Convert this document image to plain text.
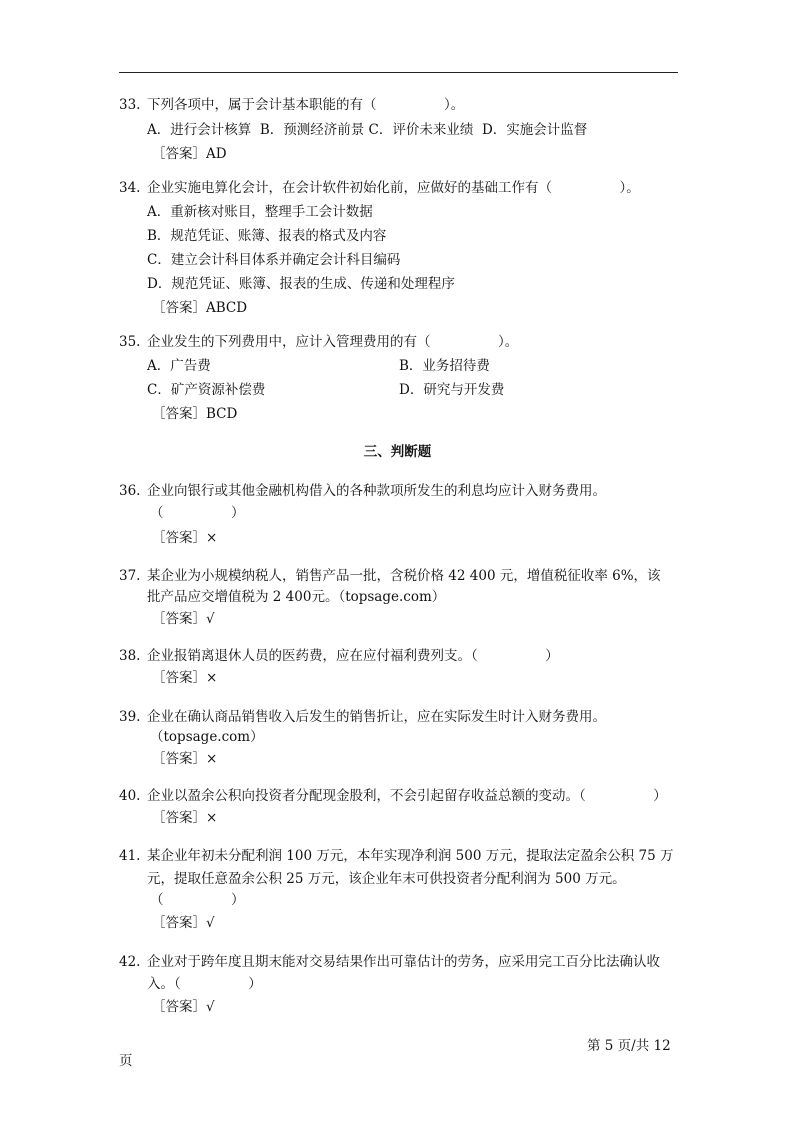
33. 下列各项中，属于会计基本职能的有（　　　　　）。
A．进行会计核算  B．预测经济前景 C．评价未来业绩  D．实施会计监督
［答案］AD
34. 企业实施电算化会计，在会计软件初始化前，应做好的基础工作有（　　　　　）。
A．重新核对账目，整理手工会计数据
B．规范凭证、账簿、报表的格式及内容
C．建立会计科目体系并确定会计科目编码
D．规范凭证、账簿、报表的生成、传递和处理程序
［答案］ABCD
35. 企业发生的下列费用中，应计入管理费用的有（　　　　　）。
A．广告费	B．业务招待费
C．矿产资源补偿费	D．研究与开发费
［答案］BCD
三、判断题
36. 企业向银行或其他金融机构借入的各种款项所发生的利息均应计入财务费用。
（　　　　　）
［答案］×
37. 某企业为小规模纳税人，销售产品一批，含税价格 42 400 元，增值税征收率 6%，该
批产品应交增值税为 2 400元。（topsage.com）
［答案］√
38. 企业报销离退休人员的医药费，应在应付福利费列支。（　　　　　）
［答案］×
39. 企业在确认商品销售收入后发生的销售折让，应在实际发生时计入财务费用。
（topsage.com）
［答案］×
40. 企业以盈余公积向投资者分配现金股利，不会引起留存收益总额的变动。（　　　　　）
［答案］×
41. 某企业年初未分配利润 100 万元，本年实现净利润 500 万元，提取法定盈余公积 75 万
元，提取任意盈余公积 25 万元，该企业年末可供投资者分配利润为 500 万元。
（　　　　　）
［答案］√
42. 企业对于跨年度且期末能对交易结果作出可靠估计的劳务，应采用完工百分比法确认收
入。（　　　　　）
［答案］√
第 5 页/共 12
页
